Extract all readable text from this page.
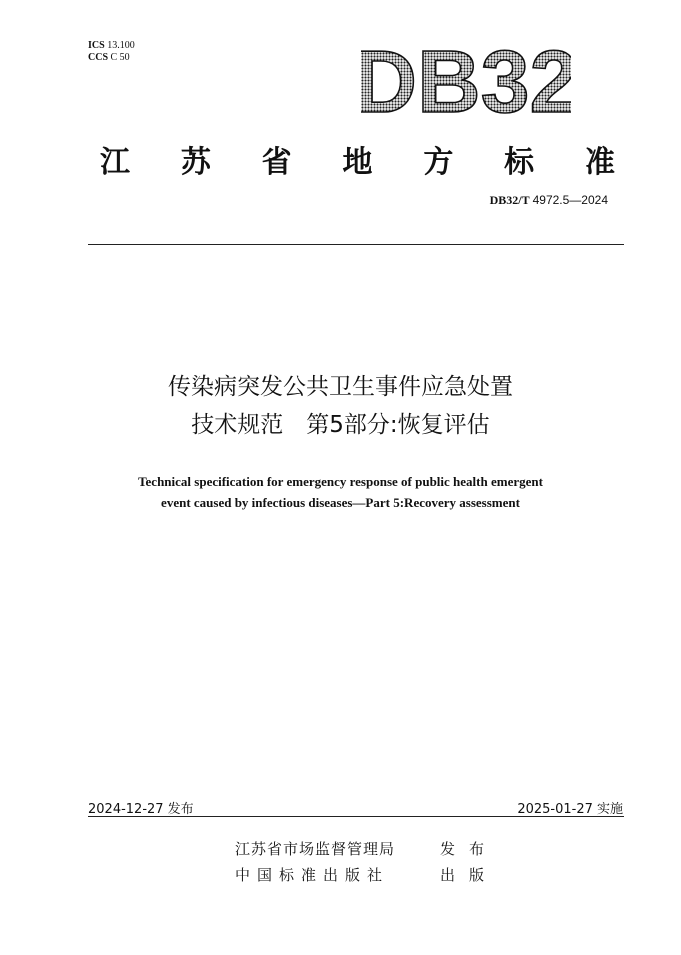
ICS 13.100
CCS C 50	DB32
江 苏 省 地 方 标 准
DB32/T 4972.5—2024
传染病突发公共卫生事件应急处置
技术规范　第5部分:恢复评估
Technical specification for emergency response of public health emergent
event caused by infectious diseases—Part 5:Recovery assessment
2024-12-27 发布	2025-01-27 实施
江苏省市场监督管理局	发布
中国标准出版社	出版
